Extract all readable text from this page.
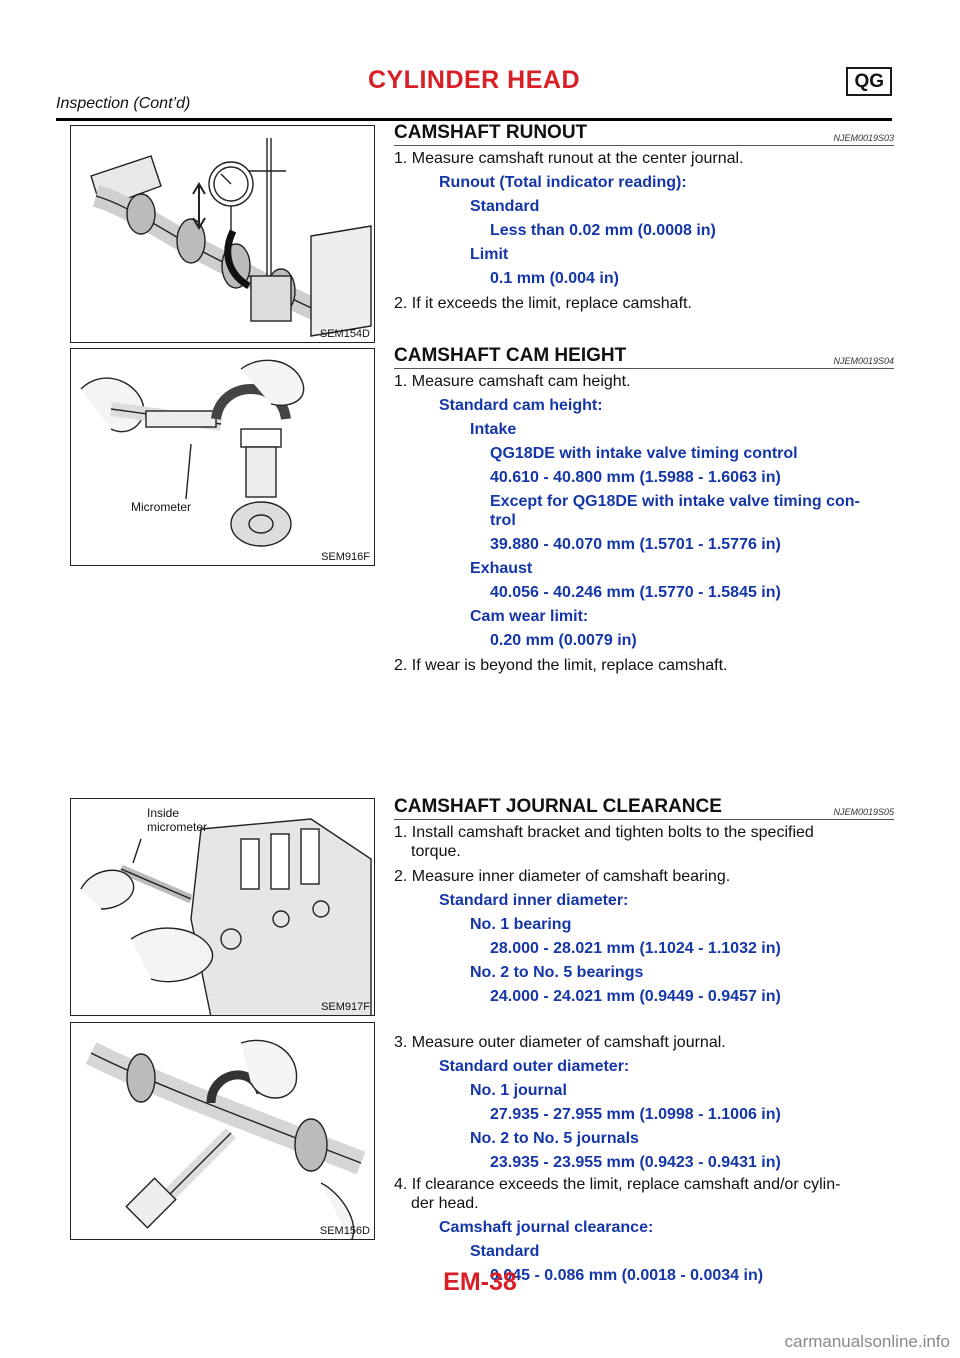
CYLINDER HEAD	QG
Inspection (Cont’d)
SEM154D
Micrometer
SEM916F
Inside
micrometer
SEM917F
SEM156D
CAMSHAFT RUNOUT	NJEM0019S03
1. Measure camshaft runout at the center journal.
Runout (Total indicator reading):
Standard
Less than 0.02 mm (0.0008 in)
Limit
0.1 mm (0.004 in)
2. If it exceeds the limit, replace camshaft.
CAMSHAFT CAM HEIGHT	NJEM0019S04
1. Measure camshaft cam height.
Standard cam height:
Intake
QG18DE with intake valve timing control
40.610 - 40.800 mm (1.5988 - 1.6063 in)
Except for QG18DE with intake valve timing con-
trol
39.880 - 40.070 mm (1.5701 - 1.5776 in)
Exhaust
40.056 - 40.246 mm (1.5770 - 1.5845 in)
Cam wear limit:
0.20 mm (0.0079 in)
2. If wear is beyond the limit, replace camshaft.
CAMSHAFT JOURNAL CLEARANCE	NJEM0019S05
1. Install camshaft bracket and tighten bolts to the specified
torque.
2. Measure inner diameter of camshaft bearing.
Standard inner diameter:
No. 1 bearing
28.000 - 28.021 mm (1.1024 - 1.1032 in)
No. 2 to No. 5 bearings
24.000 - 24.021 mm (0.9449 - 0.9457 in)
3. Measure outer diameter of camshaft journal.
Standard outer diameter:
No. 1 journal
27.935 - 27.955 mm (1.0998 - 1.1006 in)
No. 2 to No. 5 journals
23.935 - 23.955 mm (0.9423 - 0.9431 in)
4. If clearance exceeds the limit, replace camshaft and/or cylin-
der head.
Camshaft journal clearance:
Standard
0.045 - 0.086 mm (0.0018 - 0.0034 in)
EM-38
carmanualsonline.info
